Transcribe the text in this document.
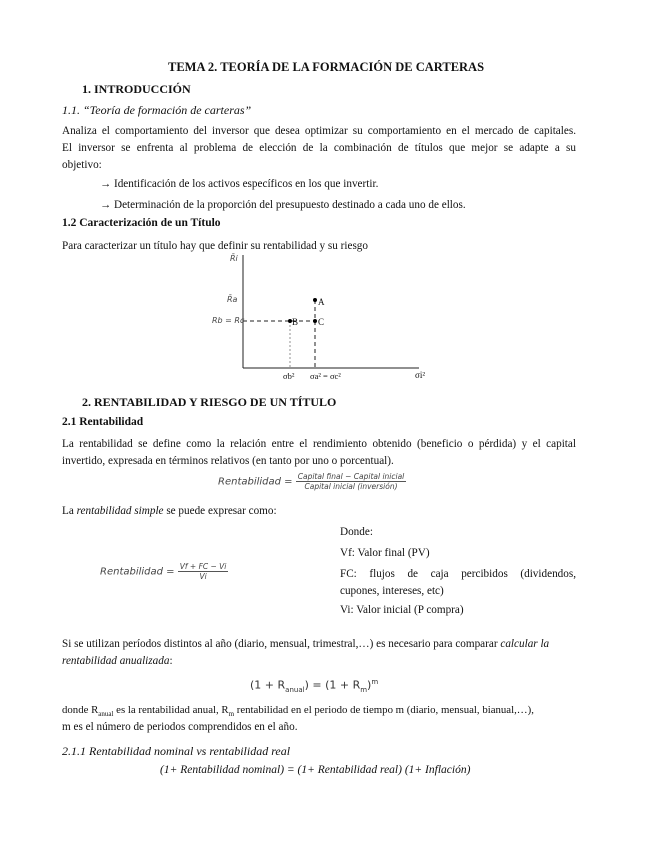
TEMA 2. TEORÍA DE LA FORMACIÓN DE CARTERAS
1. INTRODUCCIÓN
1.1. “Teoría de formación de carteras”
Analiza el comportamiento del inversor que desea optimizar su comportamiento en el mercado de capitales.
El inversor se enfrenta al problema de elección de la combinación de títulos que mejor se adapte a su
objetivo:
→ Identificación de los activos específicos en los que invertir.
→ Determinación de la proporción del presupuesto destinado a cada uno de ellos.
1.2 Caracterización de un Título
Para caracterizar un título hay que definir su rentabilidad y su riesgo
R̄i
R̄a
Rb = Rc
A
B C
σi²
σb² σa² = σc²
2. RENTABILIDAD Y RIESGO DE UN TÍTULO
2.1 Rentabilidad
La rentabilidad se define como la relación entre el rendimiento obtenido (beneficio o pérdida) y el capital
invertido, expresada en términos relativos (en tanto por uno o porcentual).
Rentabilidad = $\frac{\text{Capital final − Capital inicial}}{\text{Capital inicial (inversión)}}$
La rentabilidad simple se puede expresar como:
Rentabilidad = $\frac{Vf + FC - Vi}{Vi}$
Donde:
Vf: Valor final (PV)
FC: flujos de caja percibidos (dividendos,
cupones, intereses, etc)
Vi: Valor inicial (P compra)
Si se utilizan períodos distintos al año (diario, mensual, trimestral,…) es necesario para comparar calcular la
rentabilidad anualizada:
$(1 + R_{anual}) = (1 + R_m)^m$
donde $R_{anual}$ es la rentabilidad anual, $R_m$ rentabilidad en el periodo de tiempo m (diario, mensual, bianual,…),
m es el número de periodos comprendidos en el año.
2.1.1 Rentabilidad nominal vs rentabilidad real
(1+ Rentabilidad nominal) = (1+ Rentabilidad real) (1+ Inflación)
